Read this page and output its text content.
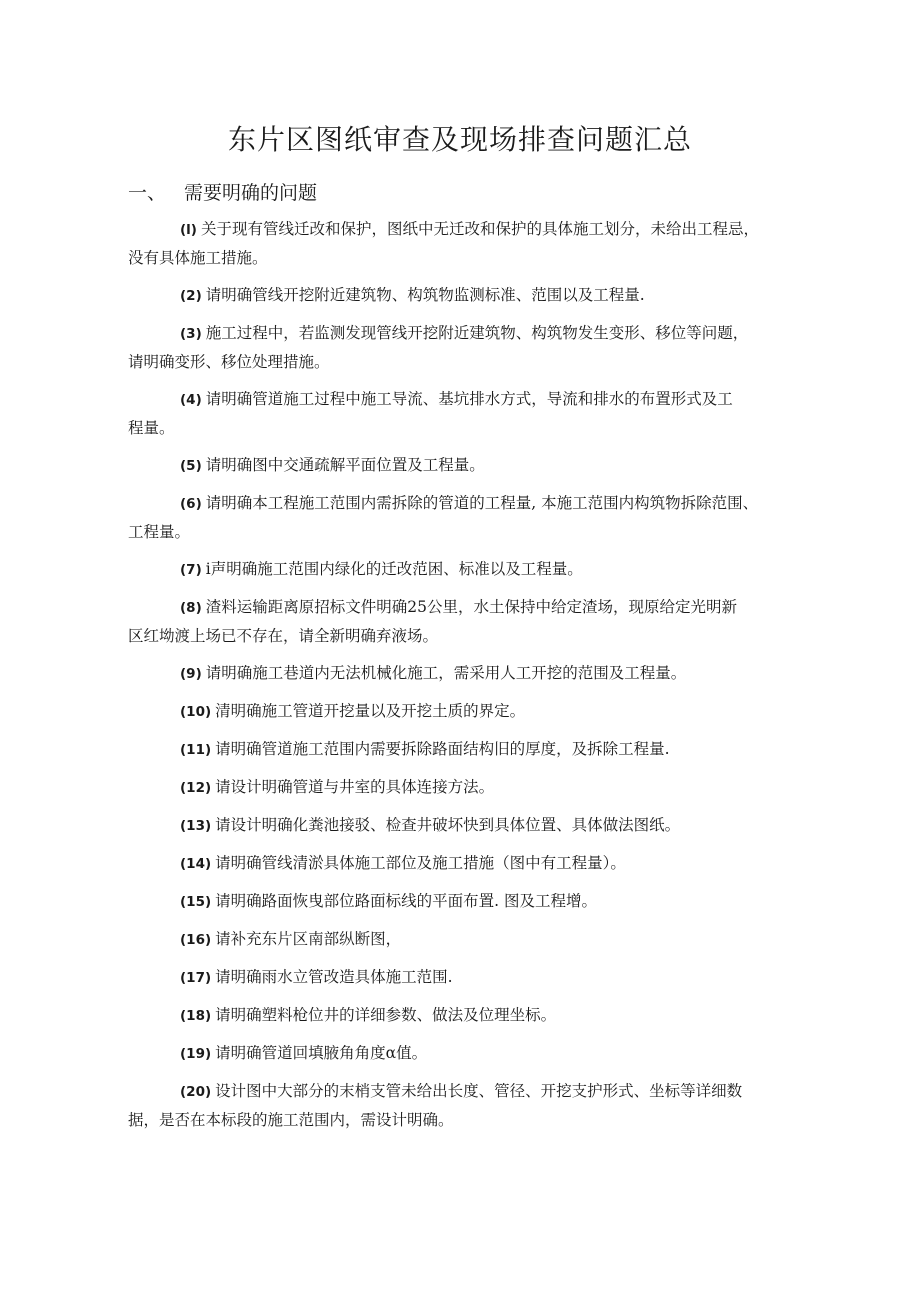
东片区图纸审查及现场排查问题汇总
一、 需要明确的问题
(l) 关于现有管线迁改和保护，图纸中无迁改和保护的具体施工划分，未给出工程忌，
没有具体施工措施。
(2) 请明确管线开挖附近建筑物、构筑物监测标准、范围以及工程量.
(3) 施工过程中，若监测发现管线开挖附近建筑物、构筑物发生变形、移位等问题，
请明确变形、移位处理措施。
(4) 请明确管道施工过程中施工导流、基坑排水方式，导流和排水的布置形式及工
程量。
(5) 请明确图中交通疏解平面位置及工程量。
(6) 请明确本工程施工范围内需拆除的管道的工程量, 本施工范围内构筑物拆除范围、
工程量。
(7) i声明确施工范围内绿化的迁改范困、标准以及工程量。
(8) 渣料运输距离原招标文件明确25公里，水土保持中给定渣场，现原给定光明新
区红坳渡上场已不存在，请全新明确弃液场。
(9) 请明确施工巷道内无法机械化施工，需采用人工开挖的范围及工程量。
(10) 清明确施工管道开挖量以及开挖土质的界定。
(11) 请明确管道施工范围内需要拆除路面结构旧的厚度，及拆除工程量.
(12) 请设计明确管道与井室的具体连接方法。
(13) 请设计明确化粪池接驳、检查井破坏快到具体位置、具体做法图纸。
(14) 请明确管线清淤具体施工部位及施工措施（图中有工程量）。
(15) 请明确路面恢曳部位路面标线的平面布置. 图及工程增。
(16) 请补充东片区南部纵断图，
(17) 请明确雨水立管改造具体施工范围.
(18) 请明确塑料枪位井的详细参数、做法及位理坐标。
(19) 请明确管道回填腋角角度α值。
(20) 设计图中大部分的末梢支管未给出长度、管径、开挖支护形式、坐标等详细数
据，是否在本标段的施工范围内，需设计明确。
